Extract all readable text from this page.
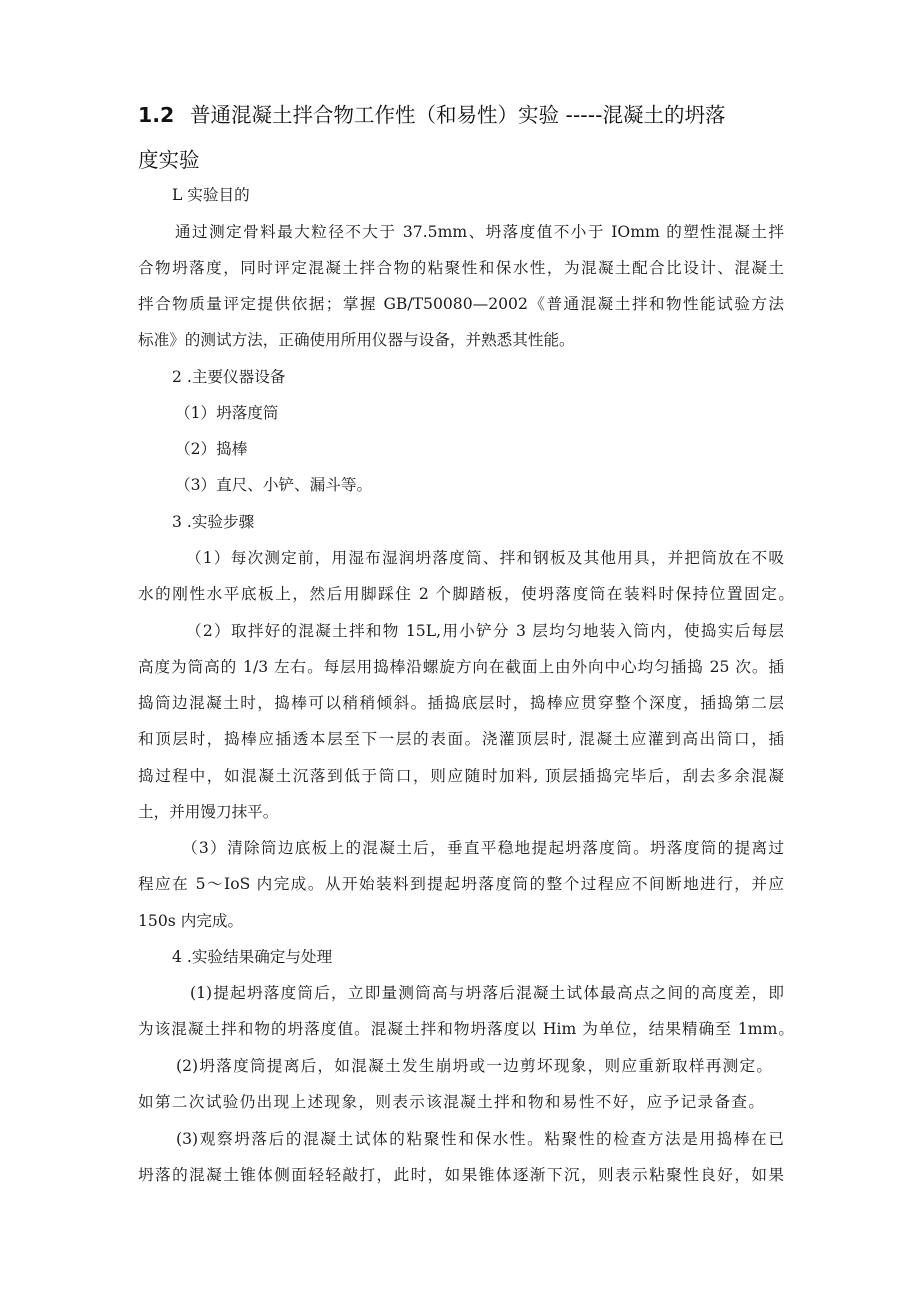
1.2 普通混凝土拌合物工作性（和易性）实验 -----混凝土的坍落
度实验
L 实验目的
通过测定骨料最大粒径不大于 37.5mm、坍落度值不小于 IOmm 的塑性混凝土拌
合物坍落度，同时评定混凝土拌合物的粘聚性和保水性，为混凝土配合比设计、混凝土
拌合物质量评定提供依据；掌握 GB/T50080—2002《普通混凝土拌和物性能试验方法
标准》的测试方法，正确使用所用仪器与设备，并熟悉其性能。
2 .主要仪器设备
（1）坍落度筒
（2）捣棒
（3）直尺、小铲、漏斗等。
3 .实验步骤
（1）每次测定前，用湿布湿润坍落度筒、拌和钢板及其他用具，并把筒放在不吸
水的刚性水平底板上，然后用脚踩住 2 个脚踏板，使坍落度筒在装料时保持位置固定。
（2）取拌好的混凝土拌和物 15L,用小铲分 3 层均匀地装入筒内，使捣实后每层
高度为筒高的 1/3 左右。每层用捣棒沿螺旋方向在截面上由外向中心均匀插捣 25 次。插
捣筒边混凝土时，捣棒可以稍稍倾斜。插捣底层时，捣棒应贯穿整个深度，插捣第二层
和顶层时，捣棒应插透本层至下一层的表面。浇灌顶层时, 混凝土应灌到高出筒口，插
捣过程中，如混凝土沉落到低于筒口，则应随时加料, 顶层插捣完毕后，刮去多余混凝
土，并用馒刀抹平。
（3）清除筒边底板上的混凝土后，垂直平稳地提起坍落度筒。坍落度筒的提离过
程应在 5～IoS 内完成。从开始装料到提起坍落度筒的整个过程应不间断地进行，并应
150s 内完成。
4 .实验结果确定与处理
(1)提起坍落度筒后，立即量测筒高与坍落后混凝土试体最高点之间的高度差，即
为该混凝土拌和物的坍落度值。混凝土拌和物坍落度以 Him 为单位，结果精确至 1mm。
(2)坍落度筒提离后，如混凝土发生崩坍或一边剪坏现象，则应重新取样再测定。
如第二次试验仍出现上述现象，则表示该混凝土拌和物和易性不好，应予记录备查。
(3)观察坍落后的混凝土试体的粘聚性和保水性。粘聚性的检查方法是用捣棒在已
坍落的混凝土锥体侧面轻轻敲打，此时，如果锥体逐渐下沉，则表示粘聚性良好，如果
